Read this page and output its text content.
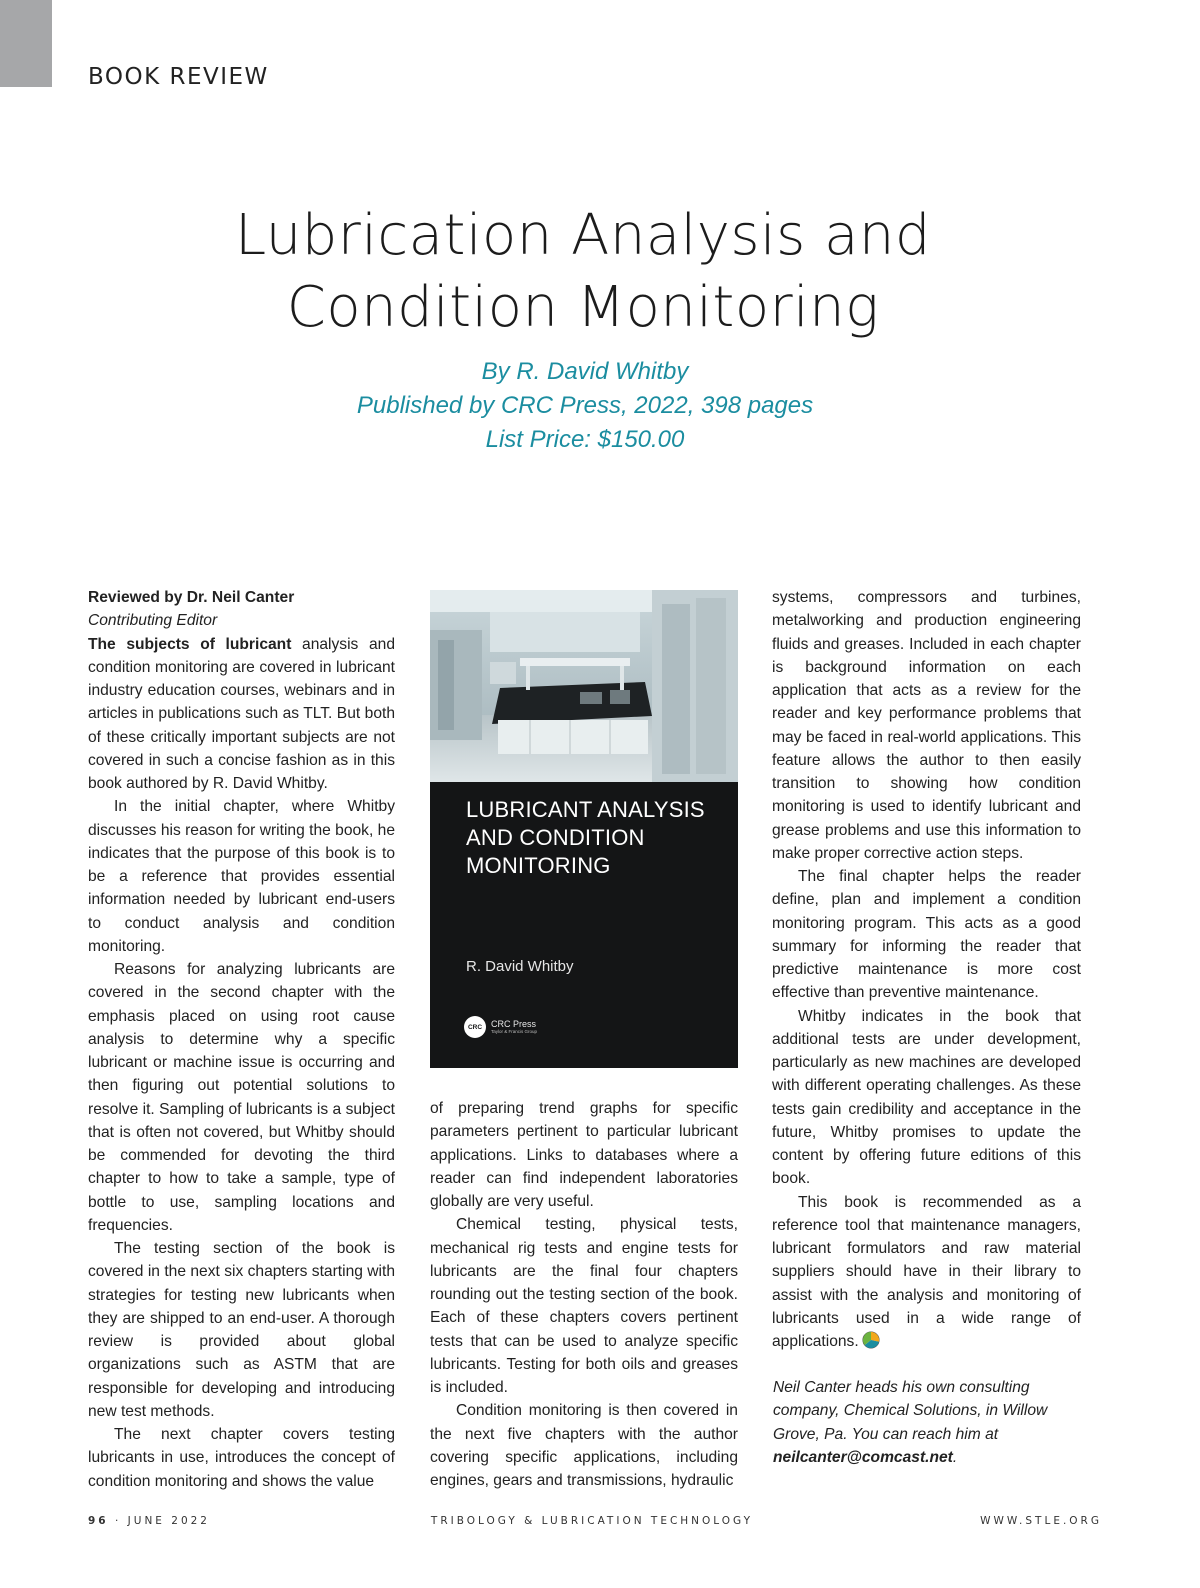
BOOK REVIEW
Lubrication Analysis and
Condition Monitoring
By R. David Whitby
Published by CRC Press, 2022, 398 pages
List Price: $150.00

Reviewed by Dr. Neil Canter

Contributing Editor

The subjects of lubricant analysis and condition monitoring are covered in lubricant industry education courses, webinars and in articles in publications such as TLT. But both of these critically important subjects are not covered in such a concise fashion as in this book authored by R. David Whitby.

In the initial chapter, where Whitby discusses his reason for writing the book, he indicates that the purpose of this book is to be a reference that provides essential information needed by lubricant end-users to conduct analysis and condition monitoring.

Reasons for analyzing lubricants are covered in the second chapter with the emphasis placed on using root cause analysis to determine why a specific lubricant or machine issue is occurring and then figuring out potential solutions to resolve it. Sampling of lubricants is a subject that is often not covered, but Whitby should be commended for devoting the third chapter to how to take a sample, type of bottle to use, sampling locations and frequencies.

The testing section of the book is covered in the next six chapters starting with strategies for testing new lubricants when they are shipped to an end-user. A thorough review is provided about global organizations such as ASTM that are responsible for developing and introducing new test methods.

The next chapter covers testing lubricants in use, introduces the concept of condition monitoring and shows the value

LUBRICANT ANALYSIS
AND CONDITION
MONITORING
R. David Whitby
CRC CRC Press
Taylor & Francis Group

of preparing trend graphs for specific parameters pertinent to particular lubricant applications. Links to databases where a reader can find independent laboratories globally are very useful.

Chemical testing, physical tests, mechanical rig tests and engine tests for lubricants are the final four chapters rounding out the testing section of the book. Each of these chapters covers pertinent tests that can be used to analyze specific lubricants. Testing for both oils and greases is included.

Condition monitoring is then covered in the next five chapters with the author covering specific applications, including engines, gears and transmissions, hydraulic

systems, compressors and turbines, metalworking and production engineering fluids and greases. Included in each chapter is background information on each application that acts as a review for the reader and key performance problems that may be faced in real-world applications. This feature allows the author to then easily transition to showing how condition monitoring is used to identify lubricant and grease problems and use this information to make proper corrective action steps.

The final chapter helps the reader define, plan and implement a condition monitoring program. This acts as a good summary for informing the reader that predictive maintenance is more cost effective than preventive maintenance.

Whitby indicates in the book that additional tests are under development, particularly as new machines are developed with different operating challenges. As these tests gain credibility and acceptance in the future, Whitby promises to update the content by offering future editions of this book.

This book is recommended as a reference tool that maintenance managers, lubricant formulators and raw material suppliers should have in their library to assist with the analysis and monitoring of lubricants used in a wide range of applications.

Neil Canter heads his own consulting company, Chemical Solutions, in Willow Grove, Pa. You can reach him at neilcanter@comcast.net.
96 · JUNE 2022	TRIBOLOGY & LUBRICATION TECHNOLOGY	WWW.STLE.ORG
